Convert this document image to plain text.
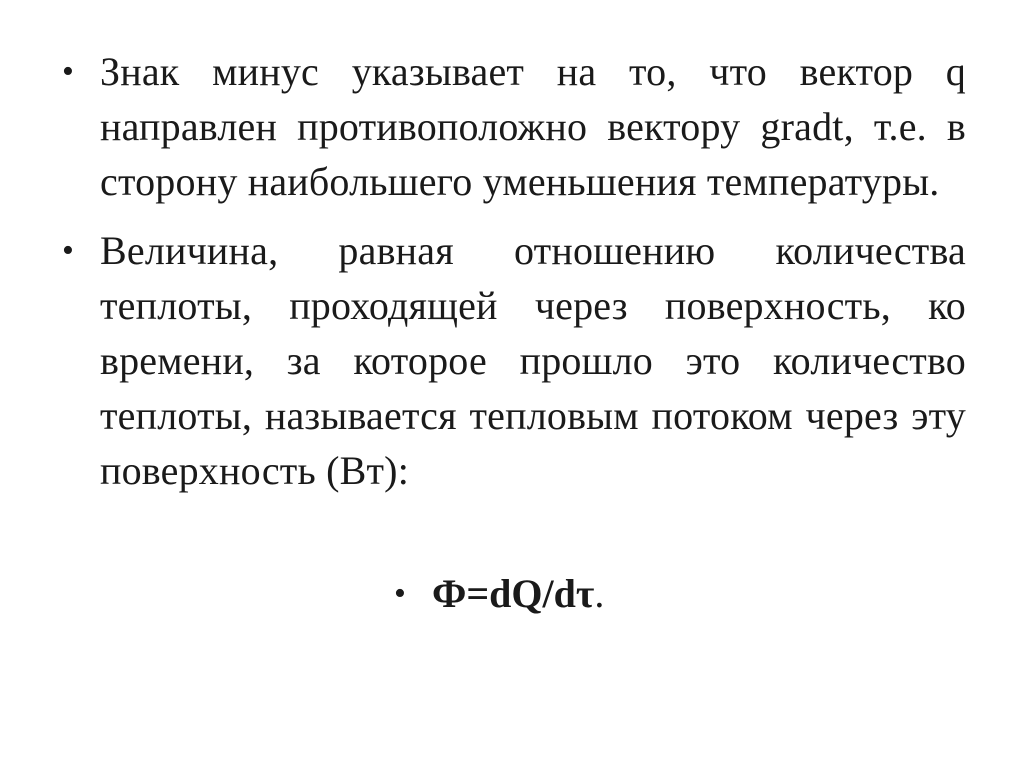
• Знак минус указывает на то, что вектор q направлен противоположно вектору gradt, т.е. в сторону наибольшего уменьшения температуры.
• Величина, равная отношению количества теплоты, проходящей через поверхность, ко времени, за которое прошло это количество теплоты, называется тепловым потоком через эту поверхность (Вт):
• Ф=dQ/dτ.
